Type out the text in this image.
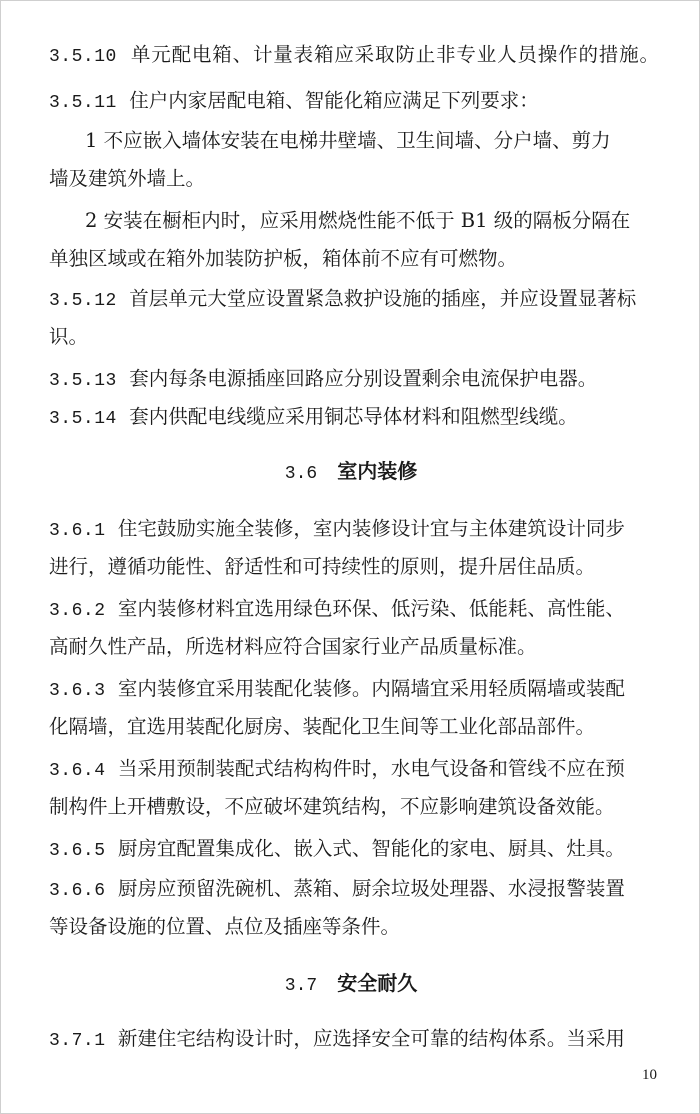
3.5.10 单元配电箱、计量表箱应采取防止非专业人员操作的措施。
3.5.11 住户内家居配电箱、智能化箱应满足下列要求：
1 不应嵌入墙体安装在电梯井壁墙、卫生间墙、分户墙、剪力
墙及建筑外墙上。
2 安装在橱柜内时，应采用燃烧性能不低于 B1 级的隔板分隔在
单独区域或在箱外加装防护板，箱体前不应有可燃物。
3.5.12 首层单元大堂应设置紧急救护设施的插座，并应设置显著标
识。
3.5.13 套内每条电源插座回路应分别设置剩余电流保护电器。
3.5.14 套内供配电线缆应采用铜芯导体材料和阻燃型线缆。
3.6 室内装修
3.6.1 住宅鼓励实施全装修，室内装修设计宜与主体建筑设计同步
进行，遵循功能性、舒适性和可持续性的原则，提升居住品质。
3.6.2 室内装修材料宜选用绿色环保、低污染、低能耗、高性能、
高耐久性产品，所选材料应符合国家行业产品质量标准。
3.6.3 室内装修宜采用装配化装修。内隔墙宜采用轻质隔墙或装配
化隔墙，宜选用装配化厨房、装配化卫生间等工业化部品部件。
3.6.4 当采用预制装配式结构构件时，水电气设备和管线不应在预
制构件上开槽敷设，不应破坏建筑结构，不应影响建筑设备效能。
3.6.5 厨房宜配置集成化、嵌入式、智能化的家电、厨具、灶具。
3.6.6 厨房应预留洗碗机、蒸箱、厨余垃圾处理器、水浸报警装置
等设备设施的位置、点位及插座等条件。
3.7 安全耐久
3.7.1 新建住宅结构设计时，应选择安全可靠的结构体系。当采用
10
